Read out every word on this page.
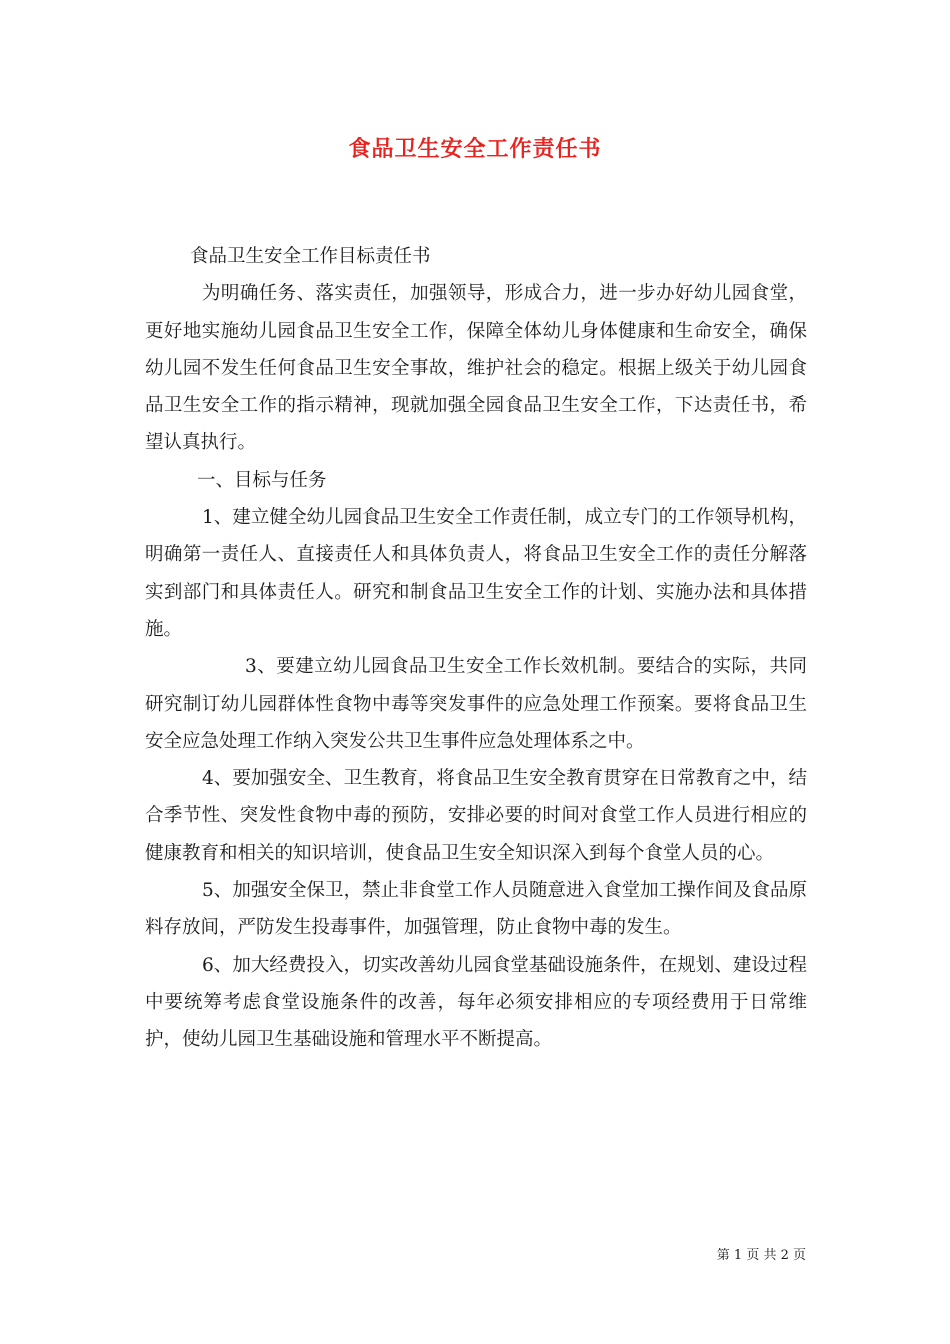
食品卫生安全工作责任书

食品卫生安全工作目标责任书

为明确任务、落实责任，加强领导，形成合力，进一步办好幼儿园食堂，更好地实施幼儿园食品卫生安全工作，保障全体幼儿身体健康和生命安全，确保幼儿园不发生任何食品卫生安全事故，维护社会的稳定。根据上级关于幼儿园食品卫生安全工作的指示精神，现就加强全园食品卫生安全工作，下达责任书，希望认真执行。

一、目标与任务

1、建立健全幼儿园食品卫生安全工作责任制，成立专门的工作领导机构，明确第一责任人、直接责任人和具体负责人，将食品卫生安全工作的责任分解落实到部门和具体责任人。研究和制食品卫生安全工作的计划、实施办法和具体措施。

3、要建立幼儿园食品卫生安全工作长效机制。要结合的实际，共同研究制订幼儿园群体性食物中毒等突发事件的应急处理工作预案。要将食品卫生安全应急处理工作纳入突发公共卫生事件应急处理体系之中。

4、要加强安全、卫生教育，将食品卫生安全教育贯穿在日常教育之中，结合季节性、突发性食物中毒的预防，安排必要的时间对食堂工作人员进行相应的健康教育和相关的知识培训，使食品卫生安全知识深入到每个食堂人员的心。

5、加强安全保卫，禁止非食堂工作人员随意进入食堂加工操作间及食品原料存放间，严防发生投毒事件，加强管理，防止食物中毒的发生。

6、加大经费投入，切实改善幼儿园食堂基础设施条件，在规划、建设过程中要统筹考虑食堂设施条件的改善，每年必须安排相应的专项经费用于日常维护，使幼儿园卫生基础设施和管理水平不断提高。

第 1 页 共 2 页
